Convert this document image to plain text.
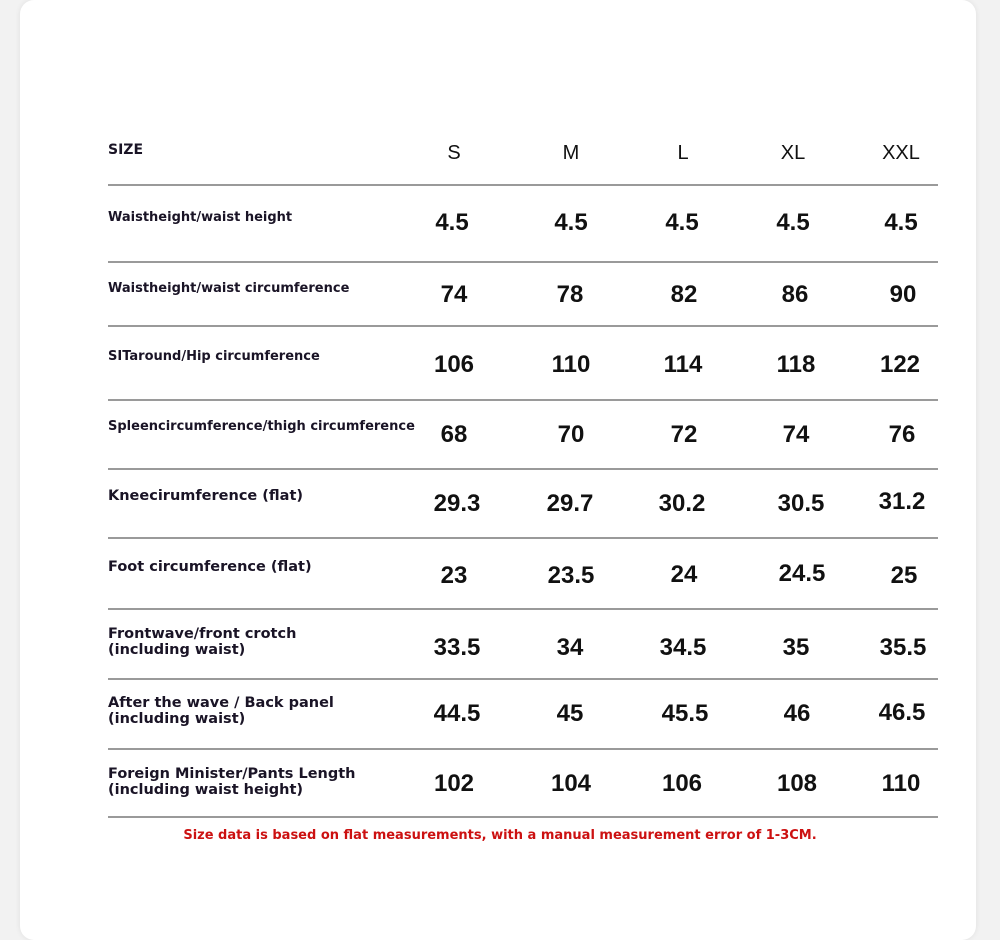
SIZE	S	M	L	XL	XXL
Waistheight/waist height	4.5	4.5	4.5	4.5	4.5
Waistheight/waist circumference	74	78	82	86	90
SITaround/Hip circumference	106	110	114	118	122
Spleencircumference/thigh circumference	68	70	72	74	76
Kneecirumference (flat)	29.3	29.7	30.2	30.5	31.2
Foot circumference (flat)	23	23.5	24	24.5	25
Frontwave/front crotch
(including waist)	33.5	34	34.5	35	35.5
After the wave / Back panel
(including waist)	44.5	45	45.5	46	46.5
Foreign Minister/Pants Length
(including waist height)	102	104	106	108	110
Size data is based on flat measurements, with a manual measurement error of 1-3CM.
